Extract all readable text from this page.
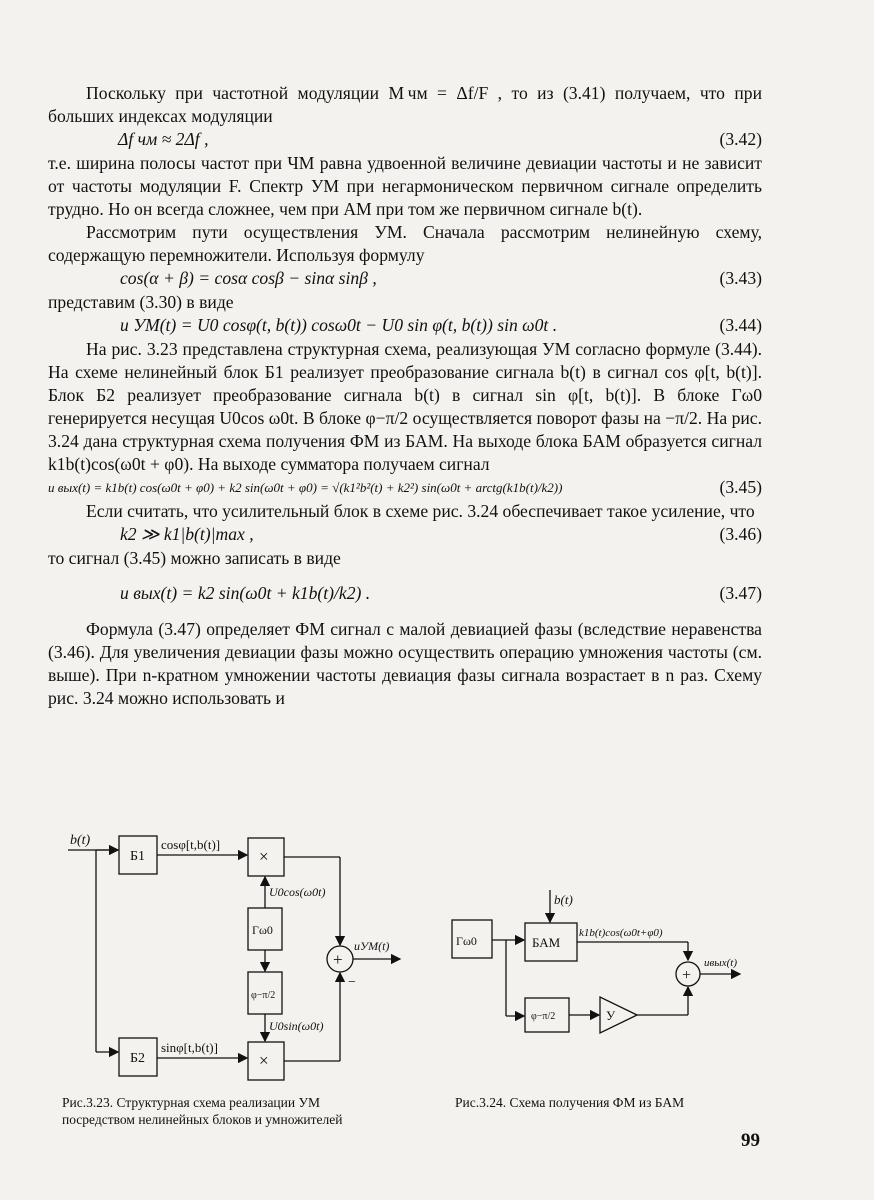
Поскольку при частотной модуляции M чм = Δf/F , то из (3.41) получаем, что при больших индексах модуляции

Δf чм ≈ 2Δf ,	(3.42)

т.е. ширина полосы частот при ЧМ равна удвоенной величине девиации частоты и не зависит от частоты модуляции F. Спектр УМ при негармоническом первичном сигнале определить трудно. Но он всегда сложнее, чем при АМ при том же первичном сигнале b(t).

Рассмотрим пути осуществления УМ. Сначала рассмотрим нелинейную схему, содержащую перемножители. Используя формулу

cos(α + β) = cosα cosβ − sinα sinβ ,	(3.43)

представим (3.30) в виде

u УМ(t) = U0 cosφ(t, b(t)) cosω0t − U0 sin φ(t, b(t)) sin ω0t .	(3.44)

На рис. 3.23 представлена структурная схема, реализующая УМ согласно формуле (3.44). На схеме нелинейный блок Б1 реализует преобразование сигнала b(t) в сигнал cos φ[t, b(t)]. Блок Б2 реализует преобразование сигнала b(t) в сигнал sin φ[t, b(t)]. В блоке Гω0 генерируется несущая U0cos ω0t. В блоке φ−π/2 осуществляется поворот фазы на −π/2. На рис. 3.24 дана структурная схема получения ФМ из БАМ. На выходе блока БАМ образуется сигнал k1b(t)cos(ω0t + φ0). На выходе сумматора получаем сигнал

u вых(t) = k1b(t) cos(ω0t + φ0) + k2 sin(ω0t + φ0) = √(k1²b²(t) + k2²) sin(ω0t + arctg(k1b(t)/k2))	(3.45)

Если считать, что усилительный блок в схеме рис. 3.24 обеспечивает такое усиление, что

k2 ≫ k1|b(t)|max ,	(3.46)

то сигнал (3.45) можно записать в виде

u вых(t) = k2 sin(ω0t + k1b(t)/k2) .	(3.47)

Формула (3.47) определяет ФМ сигнал с малой девиацией фазы (вследствие неравенства (3.46). Для увеличения девиации фазы можно осуществить операцию умножения частоты (см. выше). При n-кратном умножении частоты девиация фазы сигнала возрастает в n раз. Схему рис. 3.24 можно использовать и

b(t)
Б1
Б2
cosφ[t,b(t)]
sinφ[t,b(t)]
×
×
Гω0
φ−π/2
U0cos(ω0t)
U0sin(ω0t)
+
−
uУМ(t)	Гω0
b(t)
БАМ
k1b(t)cos(ω0t+φ0)
φ−π/2	У
+
uвых(t)
Рис.3.23. Структурная схема реализации УМ
посредством нелинейных блоков и умножителей
Рис.3.24. Схема получения ФМ из БАМ
99
